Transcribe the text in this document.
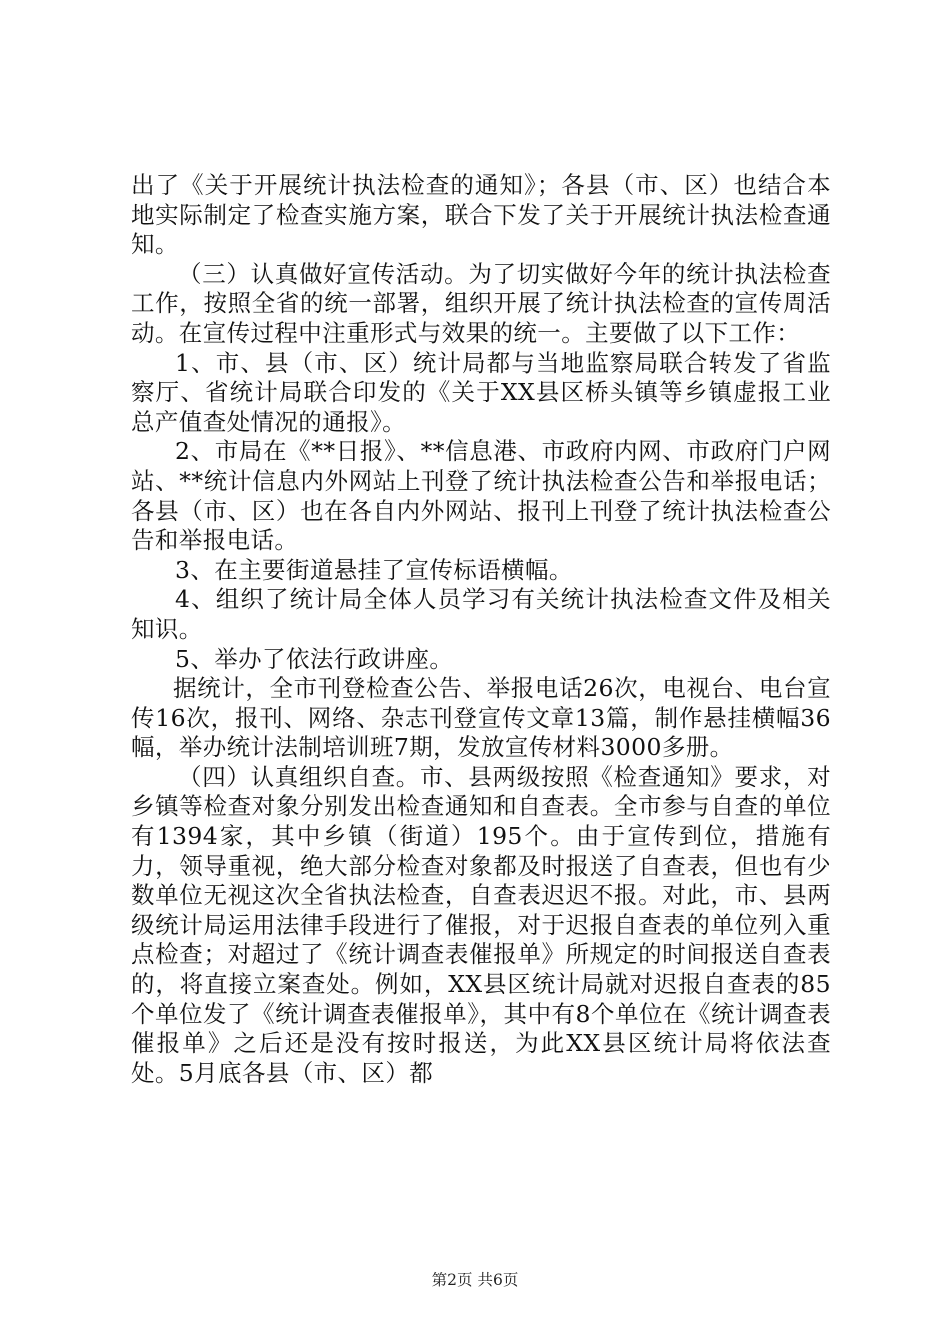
出了《关于开展统计执法检查的通知》；各县（市、区）也结合本地实际制定了检查实施方案，联合下发了关于开展统计执法检查通知。

（三）认真做好宣传活动。为了切实做好今年的统计执法检查工作，按照全省的统一部署，组织开展了统计执法检查的宣传周活动。在宣传过程中注重形式与效果的统一。主要做了以下工作：

1、市、县（市、区）统计局都与当地监察局联合转发了省监察厅、省统计局联合印发的《关于XX县区桥头镇等乡镇虚报工业总产值查处情况的通报》。

2、市局在《**日报》、**信息港、市政府内网、市政府门户网站、**统计信息内外网站上刊登了统计执法检查公告和举报电话；各县（市、区）也在各自内外网站、报刊上刊登了统计执法检查公告和举报电话。

3、在主要街道悬挂了宣传标语横幅。

4、组织了统计局全体人员学习有关统计执法检查文件及相关知识。

5、举办了依法行政讲座。

据统计，全市刊登检查公告、举报电话26次，电视台、电台宣传16次，报刊、网络、杂志刊登宣传文章13篇，制作悬挂横幅36幅，举办统计法制培训班7期，发放宣传材料3000多册。

（四）认真组织自查。市、县两级按照《检查通知》要求，对乡镇等检查对象分别发出检查通知和自查表。全市参与自查的单位有1394家，其中乡镇（街道）195个。由于宣传到位，措施有力，领导重视，绝大部分检查对象都及时报送了自查表，但也有少数单位无视这次全省执法检查，自查表迟迟不报。对此，市、县两级统计局运用法律手段进行了催报，对于迟报自查表的单位列入重点检查；对超过了《统计调查表催报单》所规定的时间报送自查表的，将直接立案查处。例如，XX县区统计局就对迟报自查表的85个单位发了《统计调查表催报单》，其中有8个单位在《统计调查表催报单》之后还是没有按时报送，为此XX县区统计局将依法查处。5月底各县（市、区）都

第2页 共6页
